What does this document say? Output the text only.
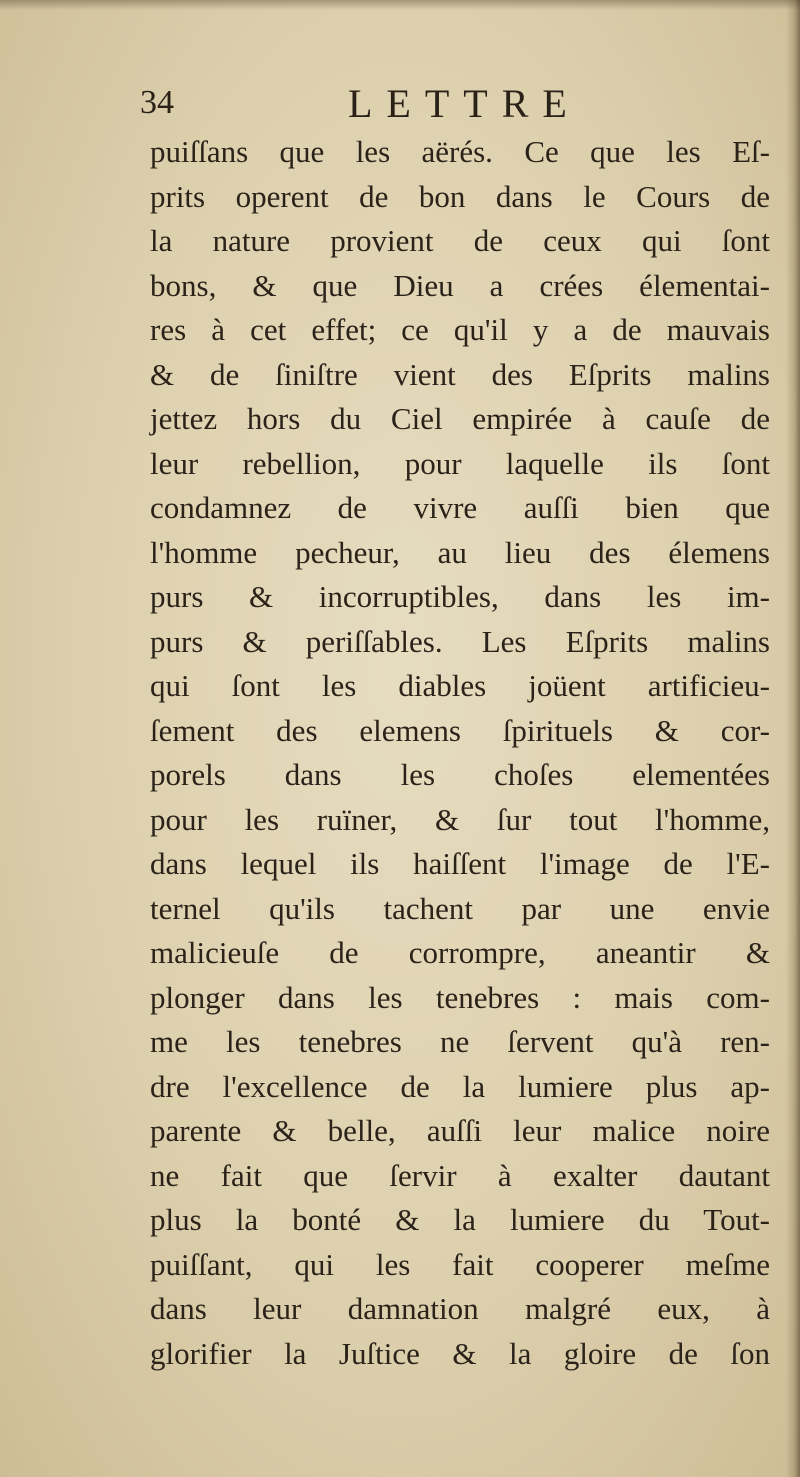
34	LETTRE
puiſſans que les aërés. Ce que les Eſ-
prits operent de bon dans le Cours de
la nature provient de ceux qui ſont
bons, & que Dieu a crées élementai-
res à cet effet; ce qu'il y a de mauvais
& de ſiniſtre vient des Eſprits malins
jettez hors du Ciel empirée à cauſe de
leur rebellion, pour laquelle ils ſont
condamnez de vivre auſſi bien que
l'homme pecheur, au lieu des élemens
purs & incorruptibles, dans les im-
purs & periſſables. Les Eſprits malins
qui ſont les diables joüent artificieu-
ſement des elemens ſpirituels & cor-
porels dans les choſes elementées
pour les ruïner, & ſur tout l'homme,
dans lequel ils haiſſent l'image de l'E-
ternel qu'ils tachent par une envie
malicieuſe de corrompre, aneantir &
plonger dans les tenebres : mais com-
me les tenebres ne ſervent qu'à ren-
dre l'excellence de la lumiere plus ap-
parente & belle, auſſi leur malice noire
ne fait que ſervir à exalter dautant
plus la bonté & la lumiere du Tout-
puiſſant, qui les fait cooperer meſme
dans leur damnation malgré eux, à
glorifier la Juſtice & la gloire de ſon
